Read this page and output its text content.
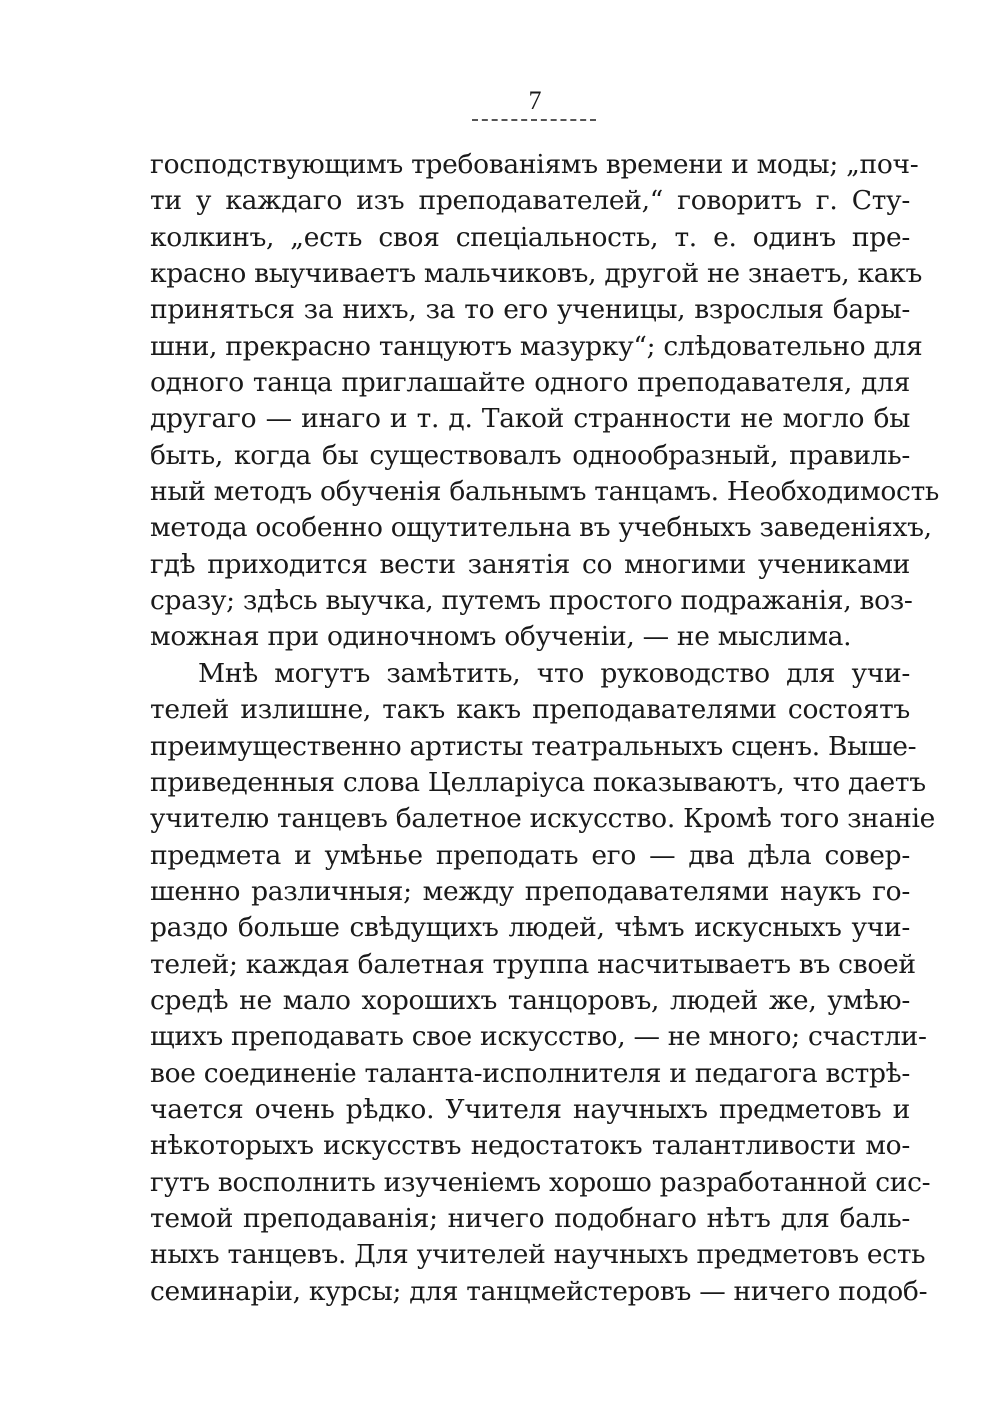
7
господствующимъ требованіямъ времени и моды; „поч-
ти у каждаго изъ преподавателей,“ говоритъ г. Сту-
колкинъ, „есть своя спеціальность, т. е. одинъ пре-
красно выучиваетъ мальчиковъ, другой не знаетъ, какъ
приняться за нихъ, за то его ученицы, взрослыя бары-
шни, прекрасно танцуютъ мазурку“; слѣдовательно для
одного танца приглашайте одного преподавателя, для
другаго — инаго и т. д. Такой странности не могло бы
быть, когда бы существовалъ однообразный, правиль-
ный методъ обученія бальнымъ танцамъ. Необходимость
метода особенно ощутительна въ учебныхъ заведеніяхъ,
гдѣ приходится вести занятія со многими учениками
сразу; здѣсь выучка, путемъ простого подражанія, воз-
можная при одиночномъ обученіи, — не мыслима.
Мнѣ могутъ замѣтить, что руководство для учи-
телей излишне, такъ какъ преподавателями состоятъ
преимущественно артисты театральныхъ сценъ. Выше-
приведенныя слова Целларіуса показываютъ, что даетъ
учителю танцевъ балетное искусство. Кромѣ того знаніе
предмета и умѣнье преподать его — два дѣла совер-
шенно различныя; между преподавателями наукъ го-
раздо больше свѣдущихъ людей, чѣмъ искусныхъ учи-
телей; каждая балетная труппа насчитываетъ въ своей
средѣ не мало хорошихъ танцоровъ, людей же, умѣю-
щихъ преподавать свое искусство, — не много; счастли-
вое соединеніе таланта-исполнителя и педагога встрѣ-
чается очень рѣдко. Учителя научныхъ предметовъ и
нѣкоторыхъ искусствъ недостатокъ талантливости мо-
гутъ восполнить изученіемъ хорошо разработанной сис-
темой преподаванія; ничего подобнаго нѣтъ для баль-
ныхъ танцевъ. Для учителей научныхъ предметовъ есть
семинаріи, курсы; для танцмейстеровъ — ничего подоб-
